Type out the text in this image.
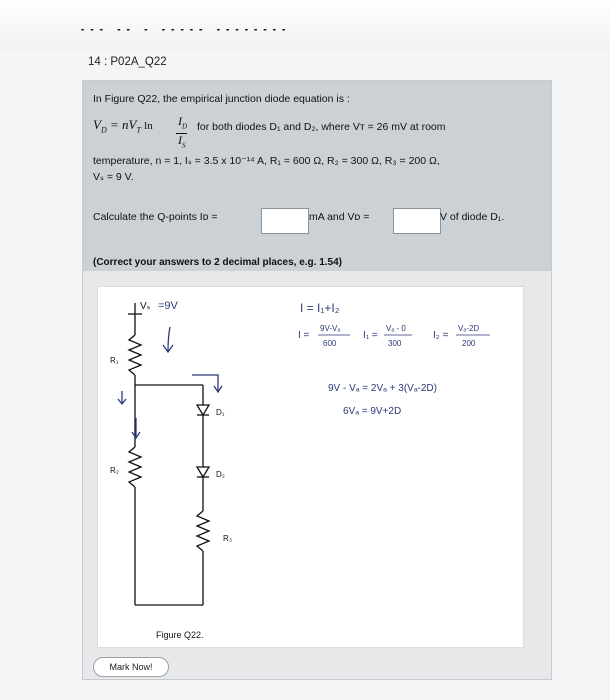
··· ·· · ····· ········
14 : P02A_Q22
In Figure Q22, the empirical junction diode equation is :
$V_D = nV_T$ $\ln I_D$
$I_S$
for both diodes D₁ and D₂, where Vᴛ = 26 mV at room
temperature, n = 1, Iₛ = 3.5 x 10⁻¹⁴ A, R₁ = 600 Ω, R₂ = 300 Ω, R₃ = 200 Ω,
Vₛ = 9 V.
Calculate the Q-points Iᴅ =	mA and Vᴅ =	V of diode D₁.
(Correct your answers to 2 decimal places, e.g. 1.54)
Vₛ =9V
R₁
R₂
R₃
D₁
D₂
Figure Q22.
I = I₁+I₂
I =
9V-Vₐ
600
I₁ =
Vₐ - 0
300
I₂ =
Vₐ-2D
200
9V - Vₐ = 2Vₐ + 3(Vₐ-2D)
6Vₐ = 9V+2D
Mark Now!
